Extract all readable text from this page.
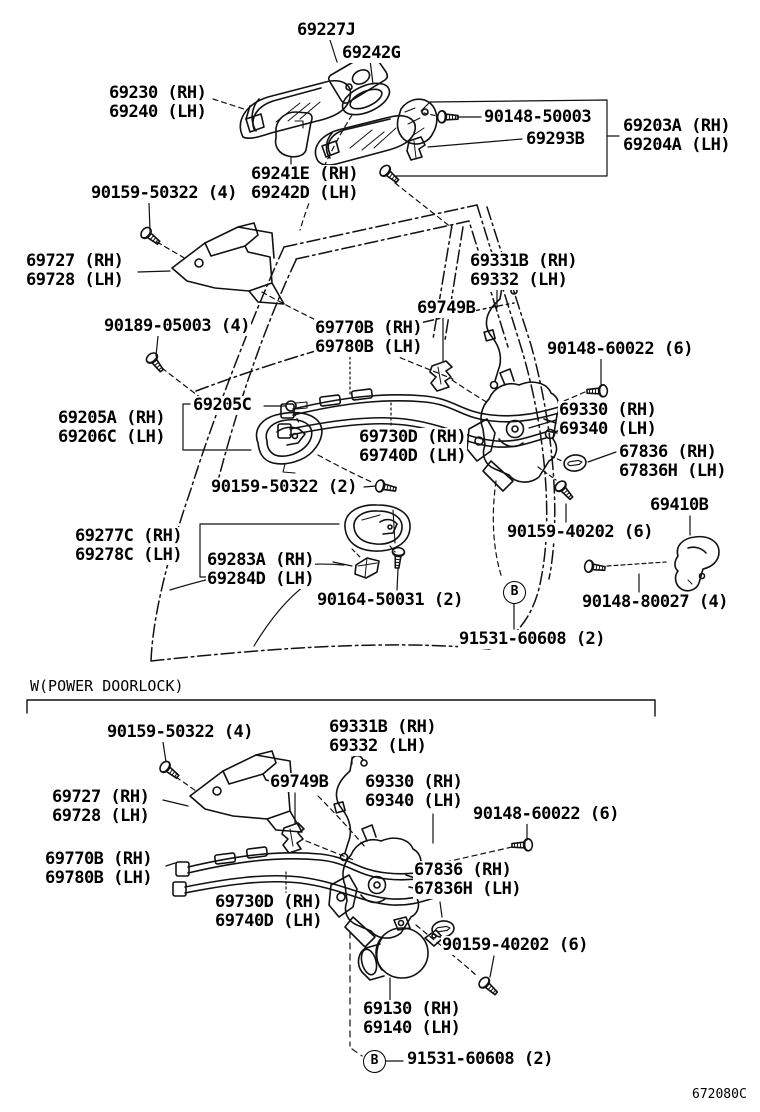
69227J
69242G
69230 (RH)
69240 (LH)	90148-50003
69293B
69203A (RH)
69204A (LH)
69241E (RH)
69242D (LH)
90159-50322 (4)
69727 (RH)
69728 (LH)
90189-05003 (4)
69331B (RH)
69332 (LH)
69749B
69770B (RH)
69780B (LH)	90148-60022 (6)
69205C
69205A (RH)
69206C (LH)
69330 (RH)
69340 (LH)
69730D (RH)
69740D (LH)	67836 (RH)
67836H (LH)
90159-50322 (2)
69410B
90159-40202 (6)
69277C (RH)
69278C (LH) 69283A (RH)
69284D (LH)
90164-50031 (2)	90148-80027 (4)
91531-60608 (2)
B
W(POWER DOORLOCK)
90159-50322 (4)	69331B (RH)
69332 (LH)
69749B 69330 (RH)
69340 (LH)
69727 (RH)
69728 (LH)	90148-60022 (6)
69770B (RH)
69780B (LH)	67836 (RH)
67836H (LH)
69730D (RH)
69740D (LH)
90159-40202 (6)
69130 (RH)
69140 (LH)
91531-60608 (2)
B
672080C
